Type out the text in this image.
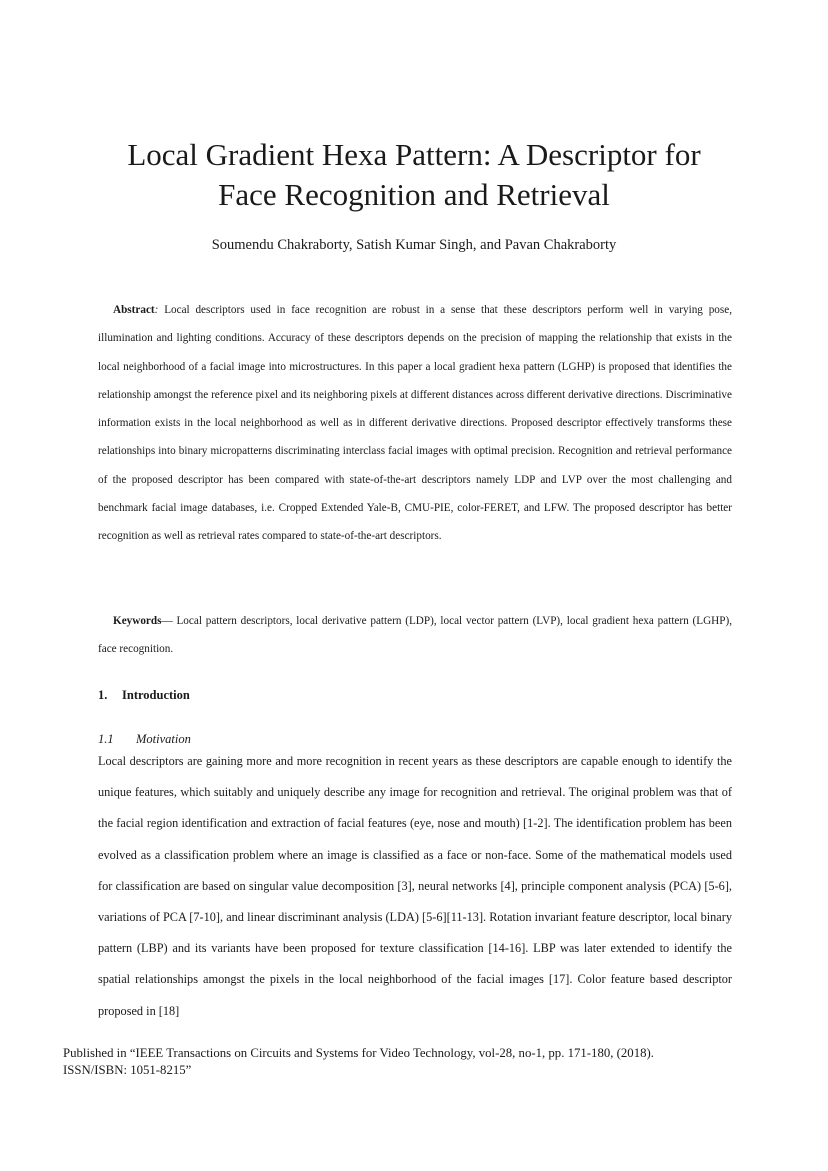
Local Gradient Hexa Pattern: A Descriptor for
Face Recognition and Retrieval
Soumendu Chakraborty, Satish Kumar Singh, and Pavan Chakraborty

Abstract: Local descriptors used in face recognition are robust in a sense that these descriptors perform well in varying pose, illumination and lighting conditions. Accuracy of these descriptors depends on the precision of mapping the relationship that exists in the local neighborhood of a facial image into microstructures. In this paper a local gradient hexa pattern (LGHP) is proposed that identifies the relationship amongst the reference pixel and its neighboring pixels at different distances across different derivative directions. Discriminative information exists in the local neighborhood as well as in different derivative directions. Proposed descriptor effectively transforms these relationships into binary micropatterns discriminating interclass facial images with optimal precision. Recognition and retrieval performance of the proposed descriptor has been compared with state-of-the-art descriptors namely LDP and LVP over the most challenging and benchmark facial image databases, i.e. Cropped Extended Yale-B, CMU-PIE, color-FERET, and LFW. The proposed descriptor has better recognition as well as retrieval rates compared to state-of-the-art descriptors.

Keywords— Local pattern descriptors, local derivative pattern (LDP), local vector pattern (LVP), local gradient hexa pattern (LGHP), face recognition.

1. Introduction
1.1 Motivation

Local descriptors are gaining more and more recognition in recent years as these descriptors are capable enough to identify the unique features, which suitably and uniquely describe any image for recognition and retrieval. The original problem was that of the facial region identification and extraction of facial features (eye, nose and mouth) [1-2]. The identification problem has been evolved as a classification problem where an image is classified as a face or non-face. Some of the mathematical models used for classification are based on singular value decomposition [3], neural networks [4], principle component analysis (PCA) [5-6], variations of PCA [7-10], and linear discriminant analysis (LDA) [5-6][11-13]. Rotation invariant feature descriptor, local binary pattern (LBP) and its variants have been proposed for texture classification [14-16]. LBP was later extended to identify the spatial relationships amongst the pixels in the local neighborhood of the facial images [17]. Color feature based descriptor proposed in [18]

Published in “IEEE Transactions on Circuits and Systems for Video Technology, vol-28, no-1, pp. 171-180, (2018).
ISSN/ISBN: 1051-8215”
